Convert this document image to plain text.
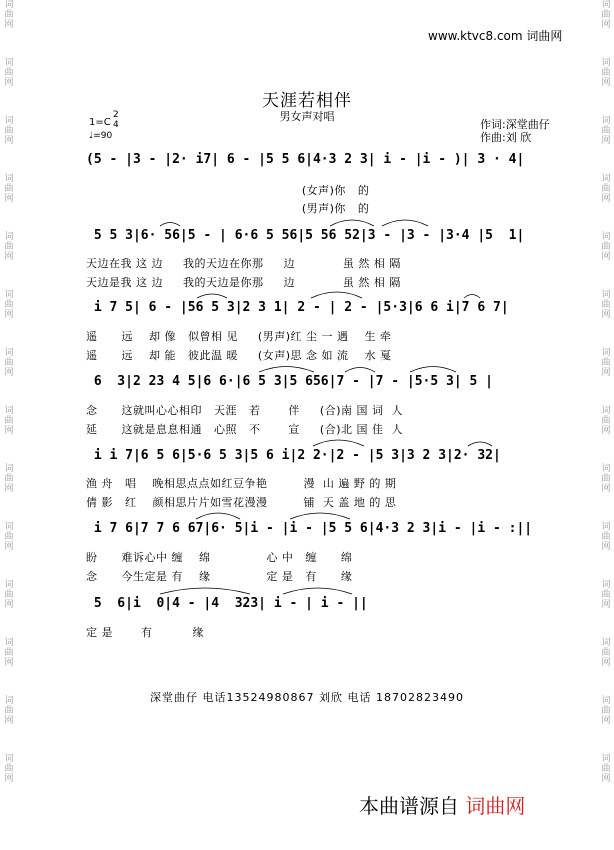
词
曲
网
词
曲
网
词
曲
网
词
曲
网
词
曲
网
词
曲
网
词
曲
网
词
曲
网
词
曲
网
词
曲
网
词
曲
网
词
曲
网
词
曲
网
词
曲
网
词
曲
网
词
曲
网
词
曲
网
词
曲
网
词
曲
网
词
曲
网
词
曲
网
词
曲
网
词
曲
网
词
曲
网
词
曲
网
词
曲
网
词
曲
网
词
曲
网
www.ktvc8.com 词曲网
天涯若相伴
男女声对唱
1=C
2
4
♩=90
作词:深堂曲仔
作曲:刘 欣
(5 - |3 - |2· i7| 6 - |5 5 6|4·3 2 3| i - |i - )| 3 · 4|
(女声)你   的
(男声)你   的
5 5 3|6· 56|5 - | 6·6 5 56|5 56 52|3 - |3 - |3·4 |5  1|
天边在我 这 边     我的天边在你那     边            虽 然 相 隔
天边是我 这 边     我的天边是你那     边            虽 然 相 隔
i 7 5| 6 - |56 5 3|2 3 1| 2 - | 2 - |5·3|6 6 i|7 6 7|
遥      远    却 像   似曾相 见     (男声)红 尘 一 遇    生 牵
遥      远    却 能   彼此温 暖     (女声)思 念 如 流    水 戛
6  3|2 23 4 5|6 6·|6 5 3|5 656|7 - |7 - |5·5 3| 5 |
念      这就叫心心相印   天涯   若       伴     (合)南 国 词  人
延      这就是息息相通   心照   不       宣     (合)北 国 佳  人
i i 7|6 5 6|5·6 5 3|5 6 i|2 2·|2 - |5 3|3 2 3|2· 32|
渔 舟   唱    晚相思点点如红豆争艳         漫  山 遍 野 的 期
倩 影   红    颜相思片片如雪花漫漫         铺  天 盖 地 的 思
i 7 6|7 7 6 67|6· 5|i - |i - |5 5 6|4·3 2 3|i - |i - :||
盼      难诉心中 缠    绵              心 中   缠      绵
念      今生定是 有    缘              定 是   有      缘
5  6|i  0|4 - |4  323| i - | i - ||
定 是       有          缘
深堂曲仔 电话13524980867 刘欣 电话 18702823490
本曲谱源自 词曲网
